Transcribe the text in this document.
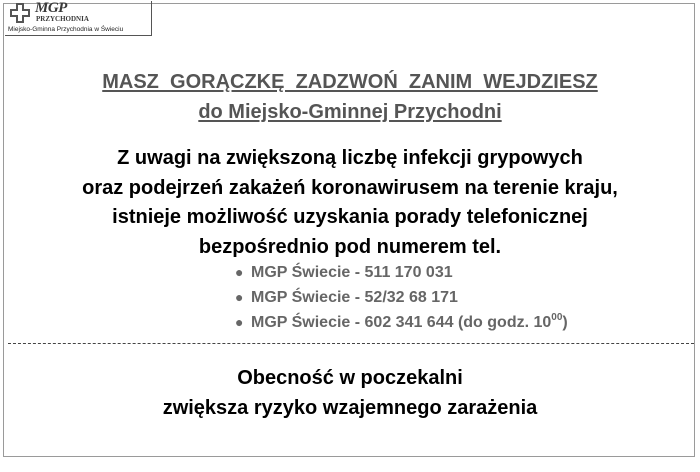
MGP
PRZYCHODNIA
Miejsko-Gminna Przychodnia w Świeciu
MASZ  GORĄCZKĘ  ZADZWOŃ  ZANIM  WEJDZIESZ
do Miejsko-Gminnej Przychodni
Z uwagi na zwiększoną liczbę infekcji grypowych
oraz podejrzeń zakażeń koronawirusem na terenie kraju,
istnieje możliwość uzyskania porady telefonicznej
bezpośrednio pod numerem tel.
● MGP Świecie - 511 170 031
● MGP Świecie - 52/32 68 171
● MGP Świecie - 602 341 644 (do godz. $10^{00}$)
Obecność w poczekalni
zwiększa ryzyko wzajemnego zarażenia
